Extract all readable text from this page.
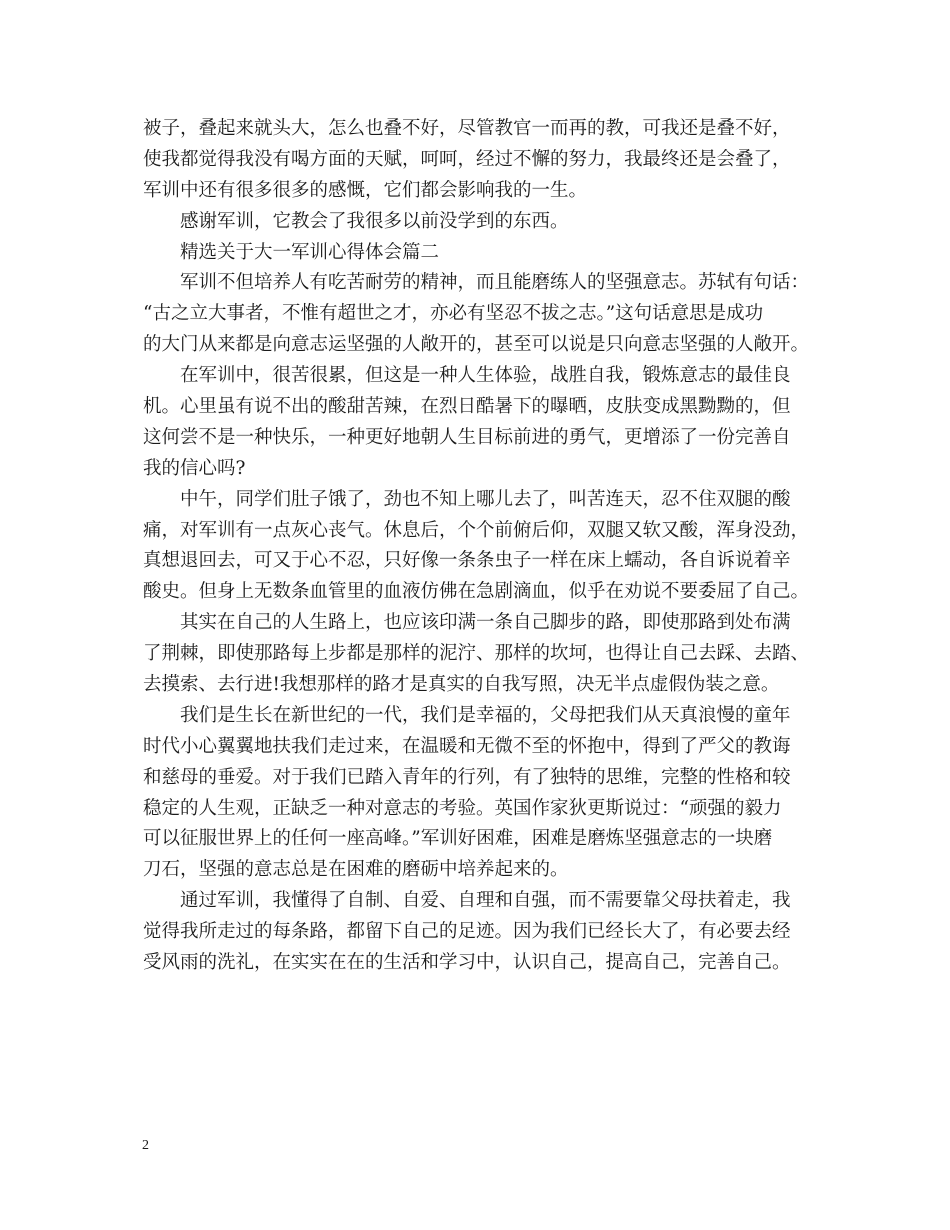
被子，叠起来就头大，怎么也叠不好，尽管教官一而再的教，可我还是叠不好，
使我都觉得我没有喝方面的天赋，呵呵，经过不懈的努力，我最终还是会叠了，
军训中还有很多很多的感慨，它们都会影响我的一生。
感谢军训，它教会了我很多以前没学到的东西。
精选关于大一军训心得体会篇二
军训不但培养人有吃苦耐劳的精神，而且能磨练人的坚强意志。苏轼有句话：
“古之立大事者，不惟有超世之才，亦必有坚忍不拔之志。”这句话意思是成功
的大门从来都是向意志运坚强的人敞开的，甚至可以说是只向意志坚强的人敞开。
在军训中，很苦很累，但这是一种人生体验，战胜自我，锻炼意志的最佳良
机。心里虽有说不出的酸甜苦辣，在烈日酷暑下的曝晒，皮肤变成黑黝黝的，但
这何尝不是一种快乐，一种更好地朝人生目标前进的勇气，更增添了一份完善自
我的信心吗?
中午，同学们肚子饿了，劲也不知上哪儿去了，叫苦连天，忍不住双腿的酸
痛，对军训有一点灰心丧气。休息后，个个前俯后仰，双腿又软又酸，浑身没劲，
真想退回去，可又于心不忍，只好像一条条虫子一样在床上蠕动，各自诉说着辛
酸史。但身上无数条血管里的血液仿佛在急剧滴血，似乎在劝说不要委屈了自己。
其实在自己的人生路上，也应该印满一条自己脚步的路，即使那路到处布满
了荆棘，即使那路每上步都是那样的泥泞、那样的坎坷，也得让自己去踩、去踏、
去摸索、去行进!我想那样的路才是真实的自我写照，决无半点虚假伪装之意。
我们是生长在新世纪的一代，我们是幸福的，父母把我们从天真浪慢的童年
时代小心翼翼地扶我们走过来，在温暖和无微不至的怀抱中，得到了严父的教诲
和慈母的垂爱。对于我们已踏入青年的行列，有了独特的思维，完整的性格和较
稳定的人生观，正缺乏一种对意志的考验。英国作家狄更斯说过：“顽强的毅力
可以征服世界上的任何一座高峰。”军训好困难，困难是磨炼坚强意志的一块磨
刀石，坚强的意志总是在困难的磨砺中培养起来的。
通过军训，我懂得了自制、自爱、自理和自强，而不需要靠父母扶着走，我
觉得我所走过的每条路，都留下自己的足迹。因为我们已经长大了，有必要去经
受风雨的洗礼，在实实在在的生活和学习中，认识自己，提高自己，完善自己。
2
